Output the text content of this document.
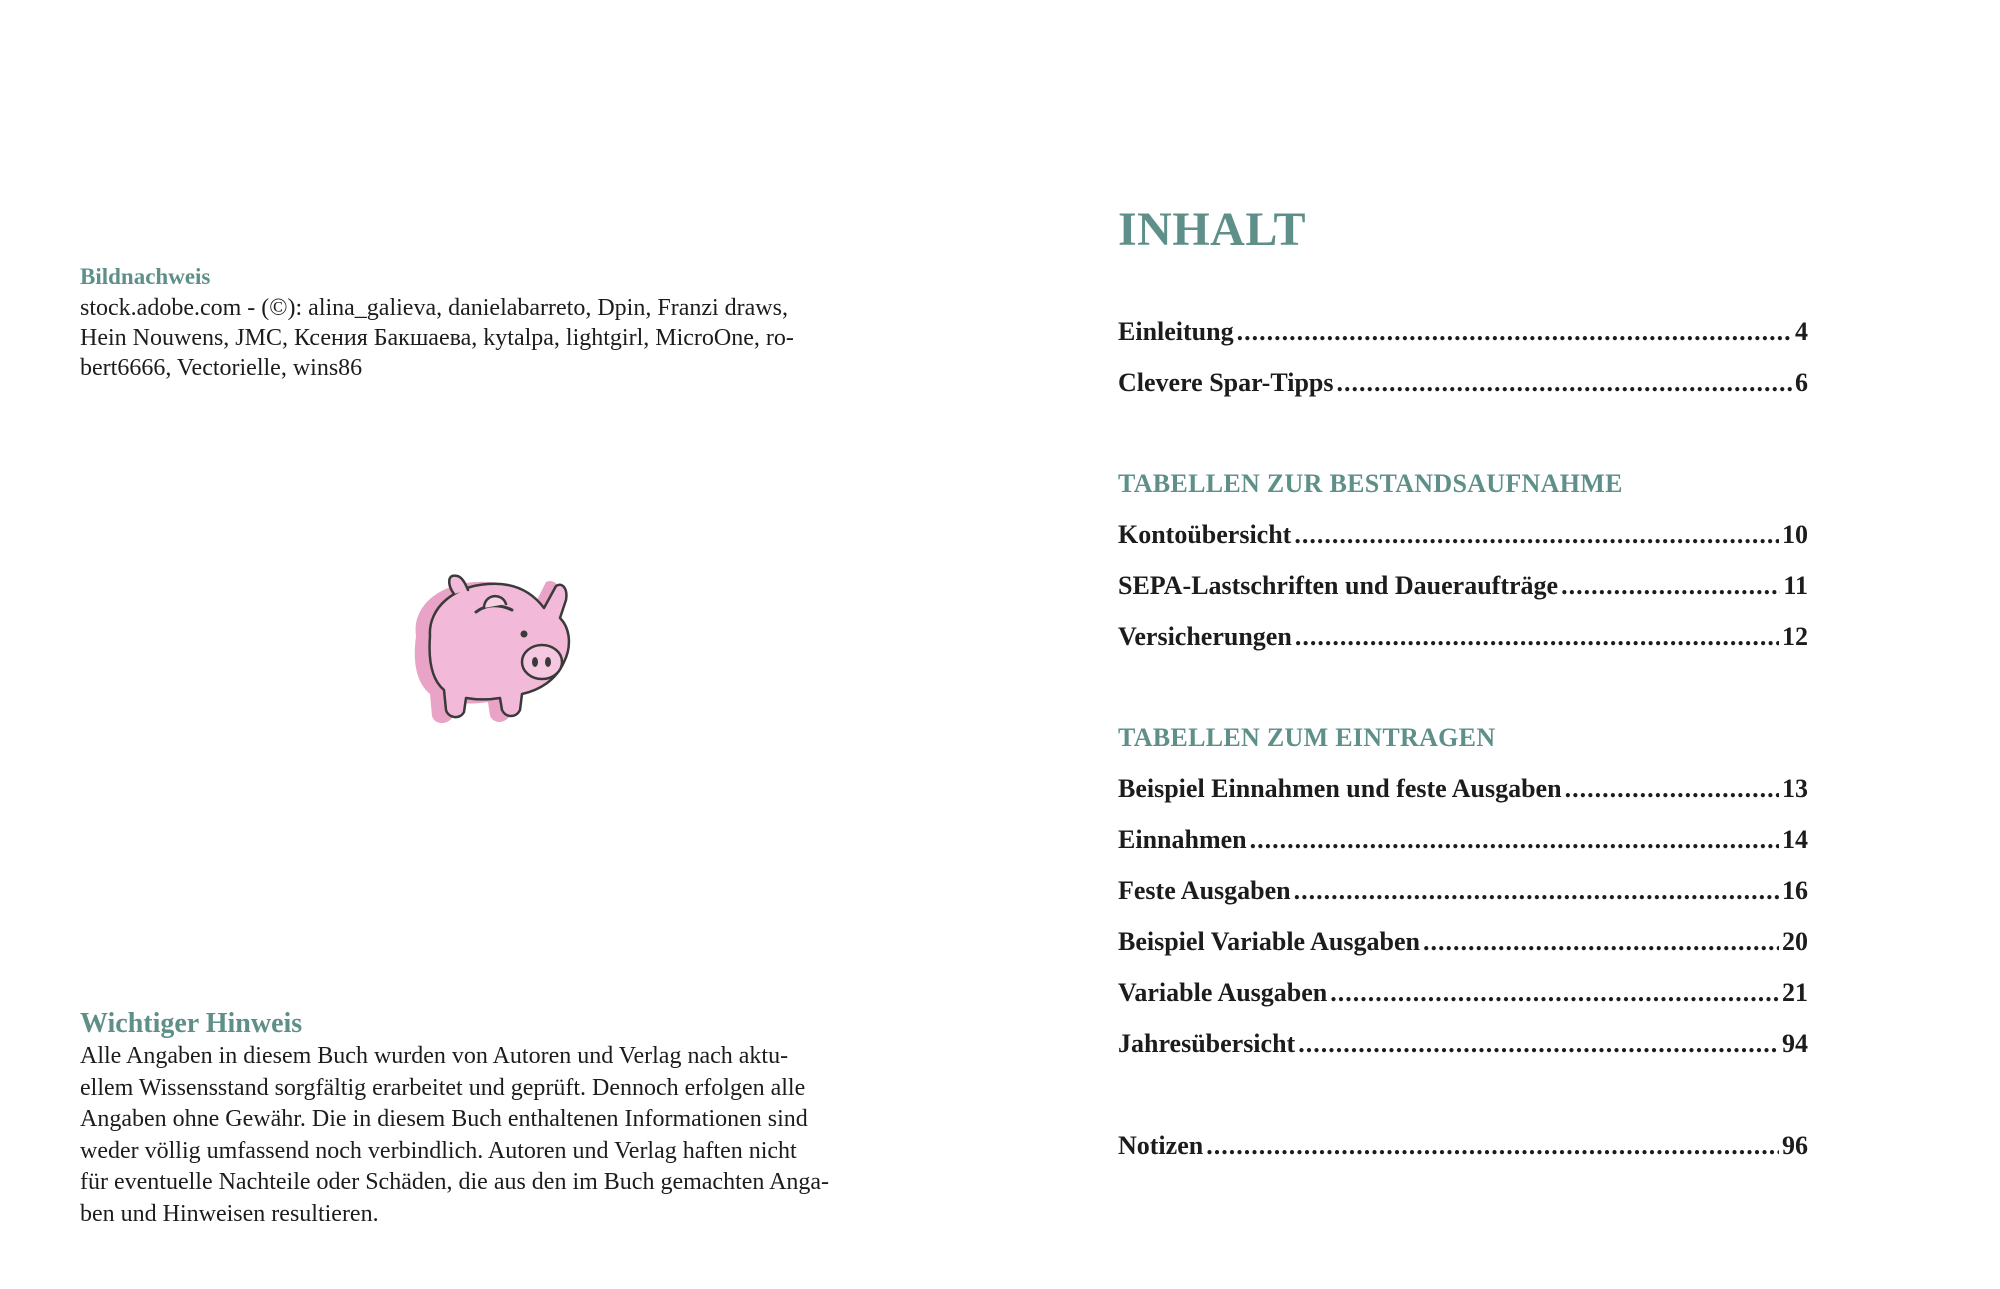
Bildnachweis

stock.adobe.com - (©): alina_galieva, danielabarreto, Dpin, Franzi draws,
Hein Nouwens, JMC, Ксения Бакшаева, kytalpa, lightgirl, MicroOne, ro-
bert6666, Vectorielle, wins86

Wichtiger Hinweis

Alle Angaben in diesem Buch wurden von Autoren und Verlag nach aktu-
ellem Wissensstand sorgfältig erarbeitet und geprüft. Dennoch erfolgen alle
Angaben ohne Gewähr. Die in diesem Buch enthaltenen Informationen sind
weder völlig umfassend noch verbindlich. Autoren und Verlag haften nicht
für eventuelle Nachteile oder Schäden, die aus den im Buch gemachten Anga-
ben und Hinweisen resultieren.

INHALT
Einleitung .....	4
Clevere Spar-Tipps .....	6

TABELLEN ZUR BESTANDSAUFNAHME

Kontoübersicht .....	10
SEPA-Lastschriften und Daueraufträge .....	11
Versicherungen .....	12

TABELLEN ZUM EINTRAGEN

Beispiel Einnahmen und feste Ausgaben .....	13
Einnahmen .....	14
Feste Ausgaben .....	16
Beispiel Variable Ausgaben .....	20
Variable Ausgaben .....	21
Jahresübersicht .....	94
Notizen .....	96
